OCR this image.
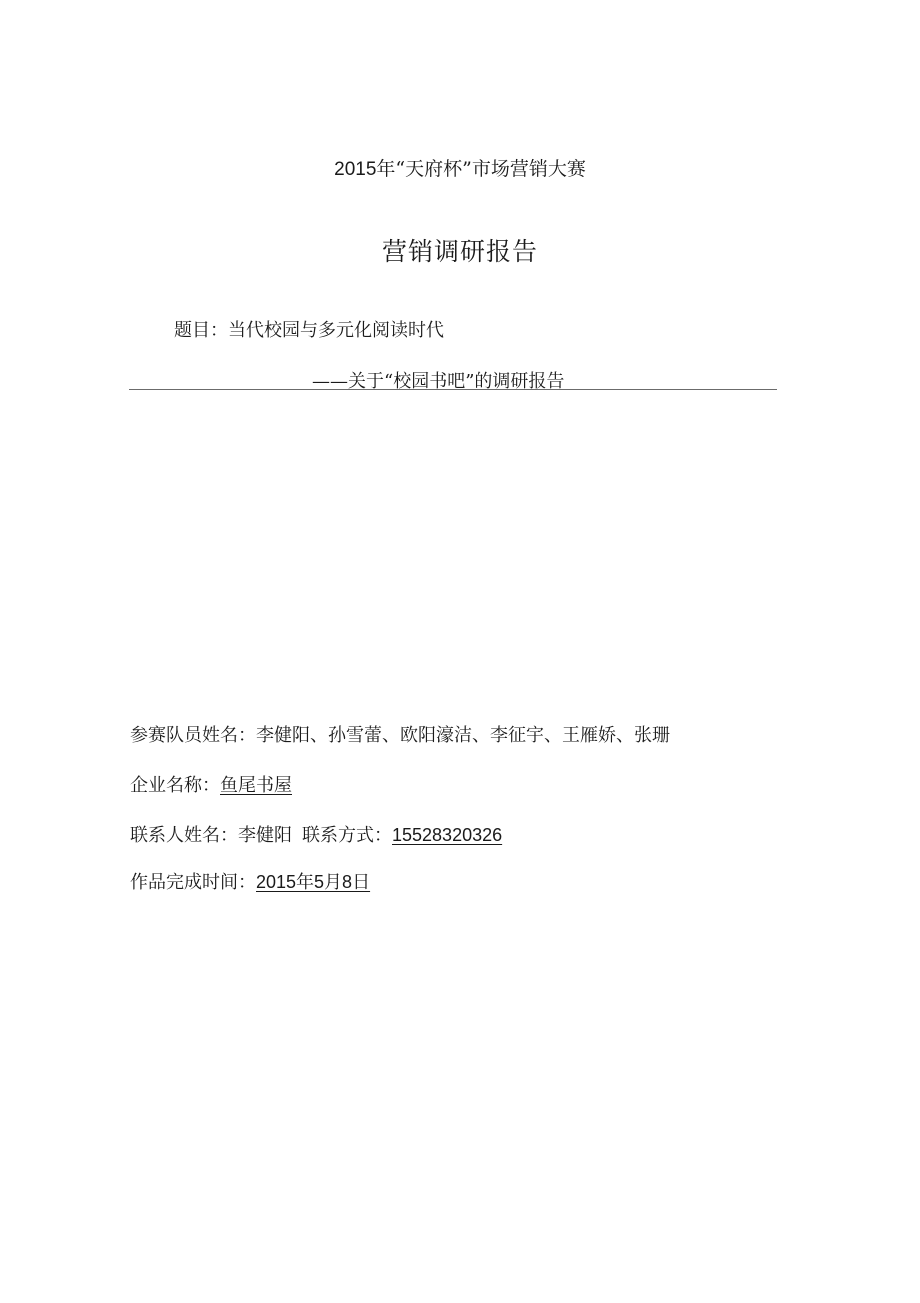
2015年“天府杯”市场营销大赛
营销调研报告
题目：当代校园与多元化阅读时代
——关于“校园书吧”的调研报告
参赛队员姓名：李健阳、孙雪蕾、欧阳濠洁、李征宇、王雁娇、张珊
企业名称：鱼尾书屋
联系人姓名：李健阳 联系方式：15528320326
作品完成时间：2015年5月8日
